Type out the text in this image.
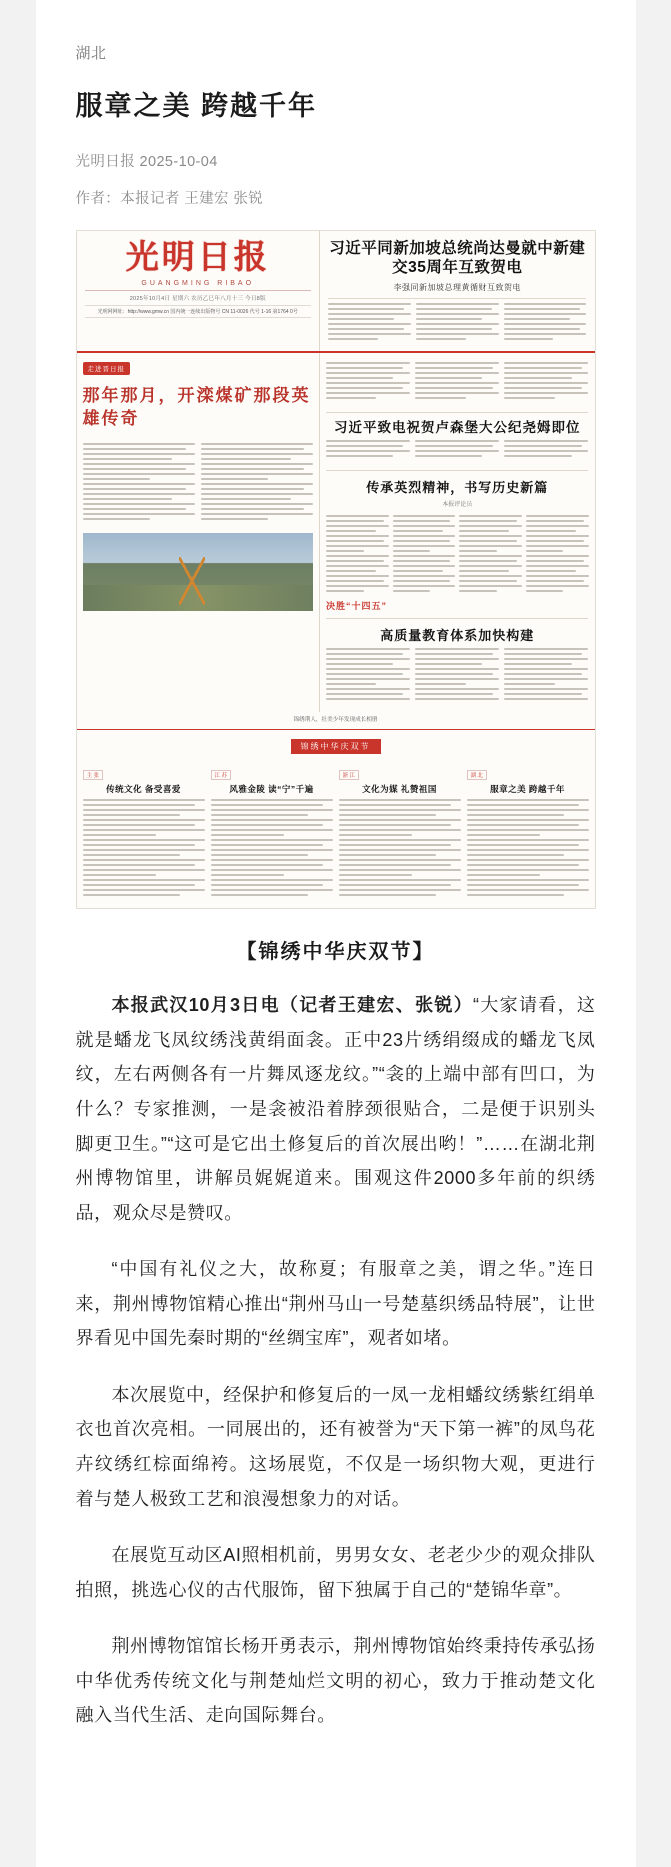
湖北
服章之美 跨越千年
光明日报 2025-10-04
作者：本报记者 王建宏 张锐
光明日报
GUANGMING RIBAO
2025年10月4日 星期六 农历乙巳年八月十三 今日8版
光明网网址：http://www.gmw.cn 国内统一连续出版物号 CN 11-0026 代号 1-16 第1764 0号
习近平同新加坡总统尚达曼就中新建交35周年互致贺电
李强同新加坡总理黄循财互致贺电
走进晋日报
那年那月，开滦煤矿那段英雄传奇	习近平致电祝贺卢森堡大公纪尧姆即位
传承英烈精神，书写历史新篇
本报评论员
决胜“十四五”
高质量教育体系加快构建
锦绣荆人，壮美少年发现成长相册
锦绣中华庆双节
主 张
传统文化 备受喜爱
江 苏
风雅金陵 读“宁”千遍
浙 江
文化为媒 礼赞祖国
湖 北
服章之美 跨越千年
【锦绣中华庆双节】

本报武汉10月3日电（记者王建宏、张锐）“大家请看，这就是蟠龙飞凤纹绣浅黄绢面衾。正中23片绣绢缀成的蟠龙飞凤纹，左右两侧各有一片舞凤逐龙纹。”“衾的上端中部有凹口，为什么？专家推测，一是衾被沿着脖颈很贴合，二是便于识别头脚更卫生。”“这可是它出土修复后的首次展出哟！”……在湖北荆州博物馆里，讲解员娓娓道来。围观这件2000多年前的织绣品，观众尽是赞叹。

“中国有礼仪之大，故称夏；有服章之美，谓之华。”连日来，荆州博物馆精心推出“荆州马山一号楚墓织绣品特展”，让世界看见中国先秦时期的“丝绸宝库”，观者如堵。

本次展览中，经保护和修复后的一凤一龙相蟠纹绣紫红绢单衣也首次亮相。一同展出的，还有被誉为“天下第一裤”的凤鸟花卉纹绣红棕面绵袴。这场展览，不仅是一场织物大观，更进行着与楚人极致工艺和浪漫想象力的对话。

在展览互动区AI照相机前，男男女女、老老少少的观众排队拍照，挑选心仪的古代服饰，留下独属于自己的“楚锦华章”。

荆州博物馆馆长杨开勇表示，荆州博物馆始终秉持传承弘扬中华优秀传统文化与荆楚灿烂文明的初心，致力于推动楚文化融入当代生活、走向国际舞台。
